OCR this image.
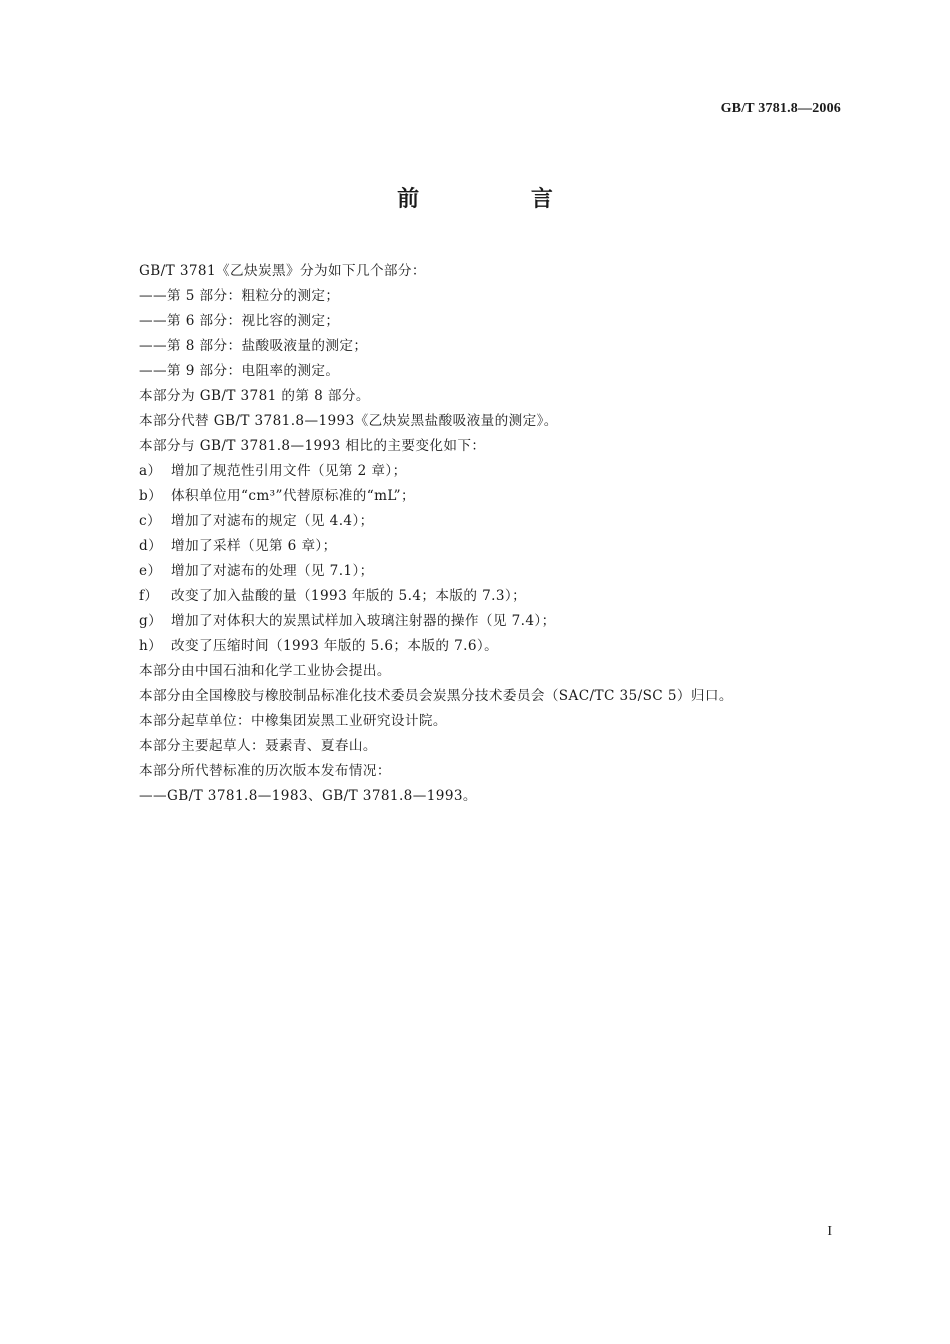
GB/T 3781.8—2006
前 言
GB/T 3781《乙炔炭黑》分为如下几个部分：
——第 5 部分：粗粒分的测定；
——第 6 部分：视比容的测定；
——第 8 部分：盐酸吸液量的测定；
——第 9 部分：电阻率的测定。
本部分为 GB/T 3781 的第 8 部分。
本部分代替 GB/T 3781.8—1993《乙炔炭黑盐酸吸液量的测定》。
本部分与 GB/T 3781.8—1993 相比的主要变化如下：
a） 增加了规范性引用文件（见第 2 章）；
b） 体积单位用“cm³”代替原标准的“mL”；
c） 增加了对滤布的规定（见 4.4）；
d） 增加了采样（见第 6 章）；
e） 增加了对滤布的处理（见 7.1）；
f） 改变了加入盐酸的量（1993 年版的 5.4；本版的 7.3）；
g） 增加了对体积大的炭黑试样加入玻璃注射器的操作（见 7.4）；
h） 改变了压缩时间（1993 年版的 5.6；本版的 7.6）。
本部分由中国石油和化学工业协会提出。
本部分由全国橡胶与橡胶制品标准化技术委员会炭黑分技术委员会（SAC/TC 35/SC 5）归口。
本部分起草单位：中橡集团炭黑工业研究设计院。
本部分主要起草人：聂素青、夏春山。
本部分所代替标准的历次版本发布情况：
——GB/T 3781.8—1983、GB/T 3781.8—1993。
I
